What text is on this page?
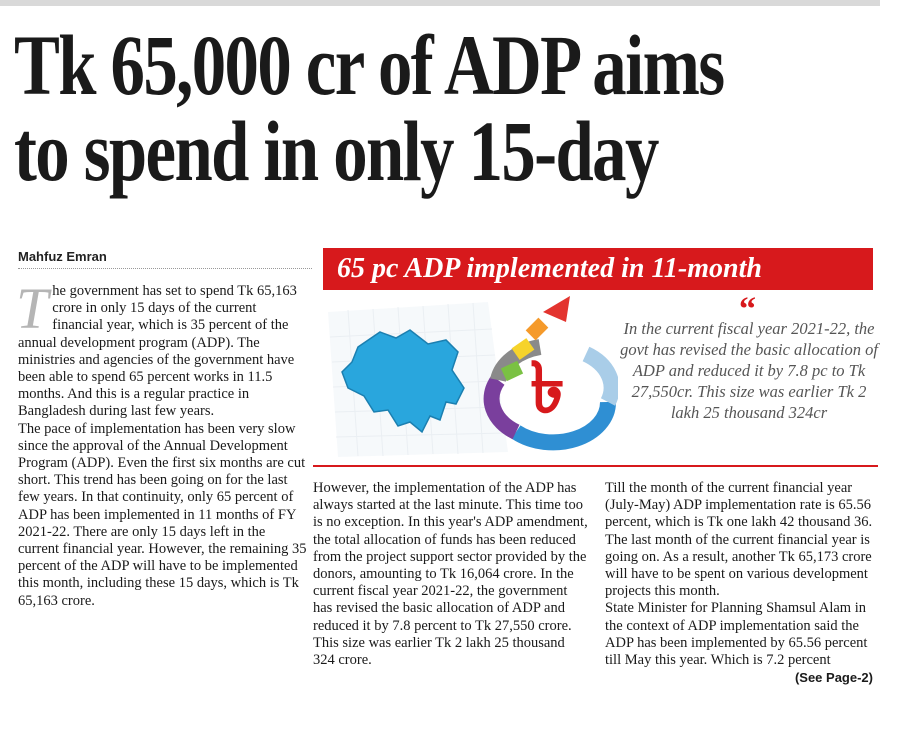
Tk 65,000 cr of ADP aims
to spend in only 15-day
Mahfuz Emran	65 pc ADP implemented in 11-month
৳
“
In the current fiscal year 2021-22, the govt has revised the basic allocation of ADP and reduced it by 7.8 pc to Tk 27,550cr. This size was earlier Tk 2 lakh 25 thousand 324cr

The government has set to spend Tk 65,163 crore in only 15 days of the current financial year, which is 35 percent of the annual development program (ADP). The ministries and agencies of the government have been able to spend 65 percent works in 11.5 months. And this is a regular practice in Bangladesh during last few years.

The pace of implementation has been very slow since the approval of the Annual Development Program (ADP). Even the first six months are cut short. This trend has been going on for the last few years. In that continuity, only 65 percent of ADP has been implemented in 11 months of FY 2021-22. There are only 15 days left in the current financial year. However, the remaining 35 percent of the ADP will have to be implemented this month, including these 15 days, which is Tk 65,163 crore.

However, the implementation of the ADP has always started at the last minute. This time too is no exception. In this year's ADP amendment, the total allocation of funds has been reduced from the project support sector provided by the donors, amounting to Tk 16,064 crore. In the current fiscal year 2021-22, the government has revised the basic allocation of ADP and reduced it by 7.8 percent to Tk 27,550 crore. This size was earlier Tk 2 lakh 25 thousand 324 crore.

Till the month of the current financial year (July-May) ADP implementation rate is 65.56 percent, which is Tk one lakh 42 thousand 36. The last month of the current financial year is going on. As a result, another Tk 65,173 crore will have to be spent on various development projects this month.

State Minister for Planning Shamsul Alam in the context of ADP implementation said the ADP has been implemented by 65.56 percent till May this year. Which is 7.2 percent
(See Page-2)
